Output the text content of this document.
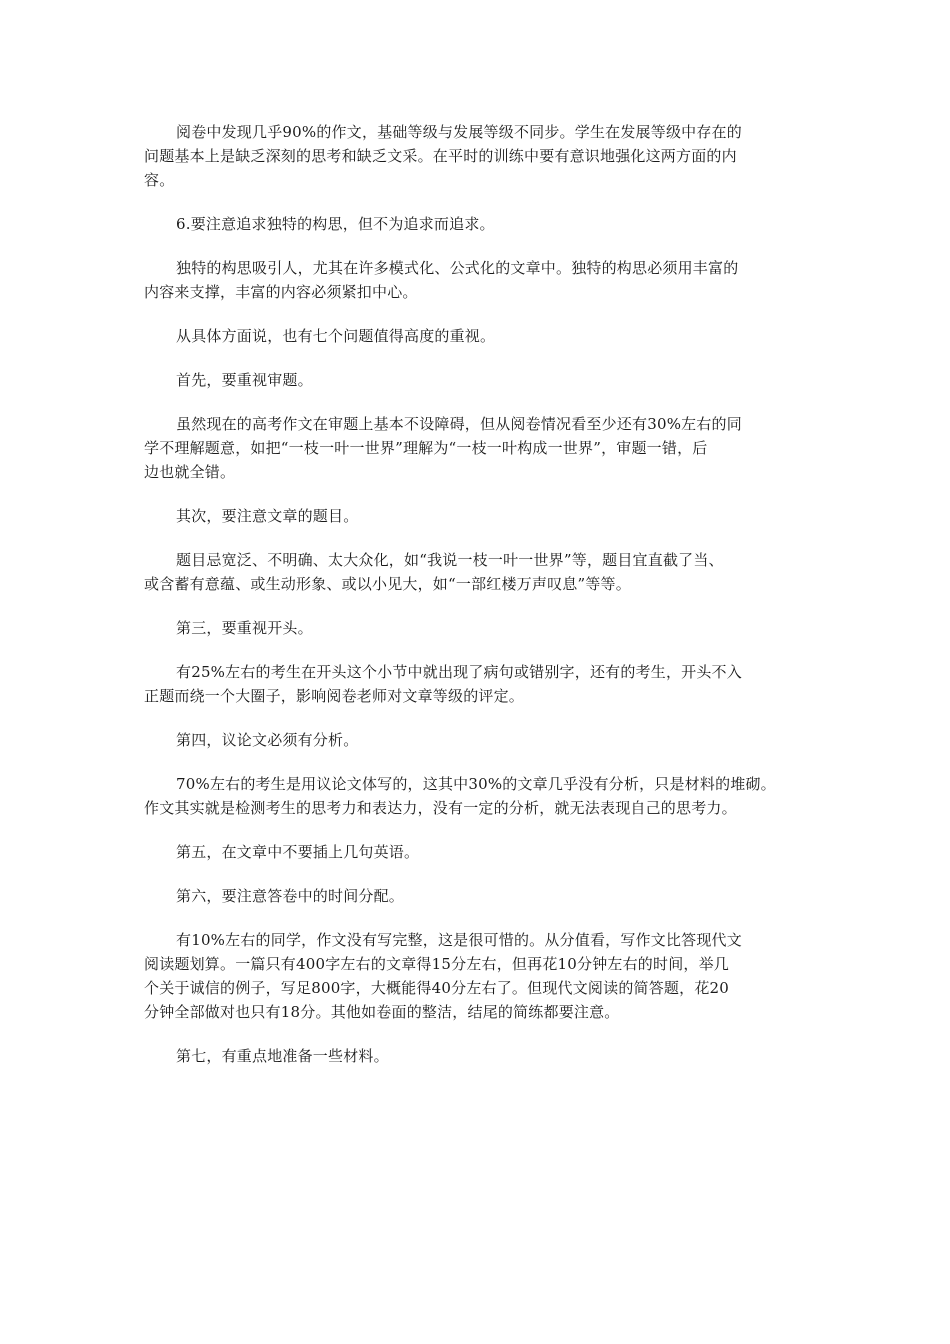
阅卷中发现几乎90%的作文，基础等级与发展等级不同步。学生在发展等级中存在的
问题基本上是缺乏深刻的思考和缺乏文采。在平时的训练中要有意识地强化这两方面的内
容。

6.要注意追求独特的构思，但不为追求而追求。

独特的构思吸引人，尤其在许多模式化、公式化的文章中。独特的构思必须用丰富的
内容来支撑，丰富的内容必须紧扣中心。

从具体方面说，也有七个问题值得高度的重视。

首先，要重视审题。

虽然现在的高考作文在审题上基本不设障碍，但从阅卷情况看至少还有30%左右的同
学不理解题意，如把“一枝一叶一世界”理解为“一枝一叶构成一世界”，审题一错，后
边也就全错。

其次，要注意文章的题目。

题目忌宽泛、不明确、太大众化，如“我说一枝一叶一世界”等，题目宜直截了当、
或含蓄有意蕴、或生动形象、或以小见大，如“一部红楼万声叹息”等等。

第三，要重视开头。

有25%左右的考生在开头这个小节中就出现了病句或错别字，还有的考生，开头不入
正题而绕一个大圈子，影响阅卷老师对文章等级的评定。

第四，议论文必须有分析。

70%左右的考生是用议论文体写的，这其中30%的文章几乎没有分析，只是材料的堆砌。
作文其实就是检测考生的思考力和表达力，没有一定的分析，就无法表现自己的思考力。

第五，在文章中不要插上几句英语。

第六，要注意答卷中的时间分配。

有10%左右的同学，作文没有写完整，这是很可惜的。从分值看，写作文比答现代文
阅读题划算。一篇只有400字左右的文章得15分左右，但再花10分钟左右的时间，举几
个关于诚信的例子，写足800字，大概能得40分左右了。但现代文阅读的简答题，花20
分钟全部做对也只有18分。其他如卷面的整洁，结尾的简练都要注意。

第七，有重点地准备一些材料。
